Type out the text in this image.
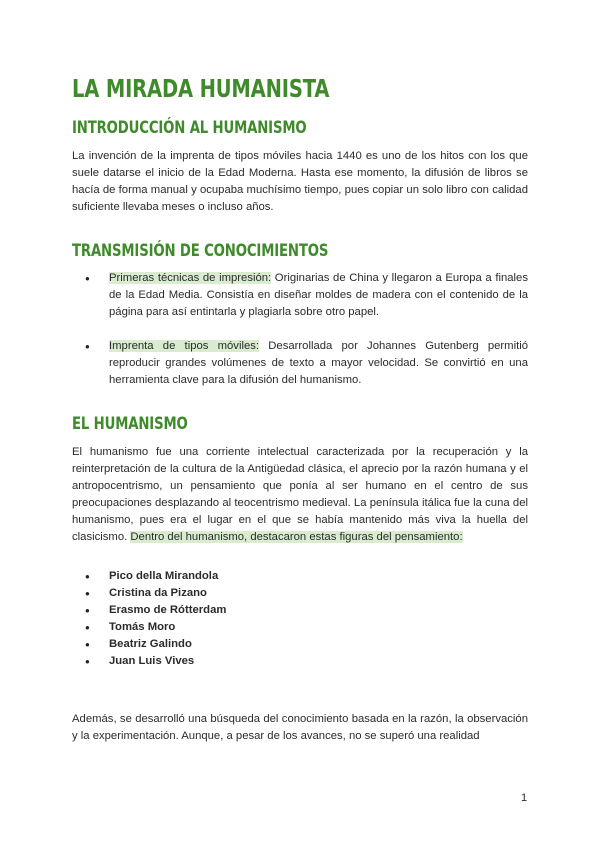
LA MIRADA HUMANISTA
INTRODUCCIÓN AL HUMANISMO

La invención de la imprenta de tipos móviles hacia 1440 es uno de los hitos con los que suele datarse el inicio de la Edad Moderna. Hasta ese momento, la difusión de libros se hacía de forma manual y ocupaba muchísimo tiempo, pues copiar un solo libro con calidad suficiente llevaba meses o incluso años.

TRANSMISIÓN DE CONOCIMIENTOS
● Primeras técnicas de impresión: Originarias de China y llegaron a Europa a finales de la Edad Media. Consistía en diseñar moldes de madera con el contenido de la página para así entintarla y plagiarla sobre otro papel.
● Imprenta de tipos móviles: Desarrollada por Johannes Gutenberg permitió reproducir grandes volúmenes de texto a mayor velocidad. Se convirtió en una herramienta clave para la difusión del humanismo.
EL HUMANISMO

El humanismo fue una corriente intelectual caracterizada por la recuperación y la reinterpretación de la cultura de la Antigüedad clásica, el aprecio por la razón humana y el antropocentrismo, un pensamiento que ponía al ser humano en el centro de sus preocupaciones desplazando al teocentrismo medieval. La península itálica fue la cuna del humanismo, pues era el lugar en el que se había mantenido más viva la huella del clasicismo. Dentro del humanismo, destacaron estas figuras del pensamiento:

● Pico della Mirandola
● Cristina da Pizano
● Erasmo de Rótterdam
● Tomás Moro
● Beatriz Galindo
● Juan Luis Vives

Además, se desarrolló una búsqueda del conocimiento basada en la razón, la observación y la experimentación. Aunque, a pesar de los avances, no se superó una realidad

1
